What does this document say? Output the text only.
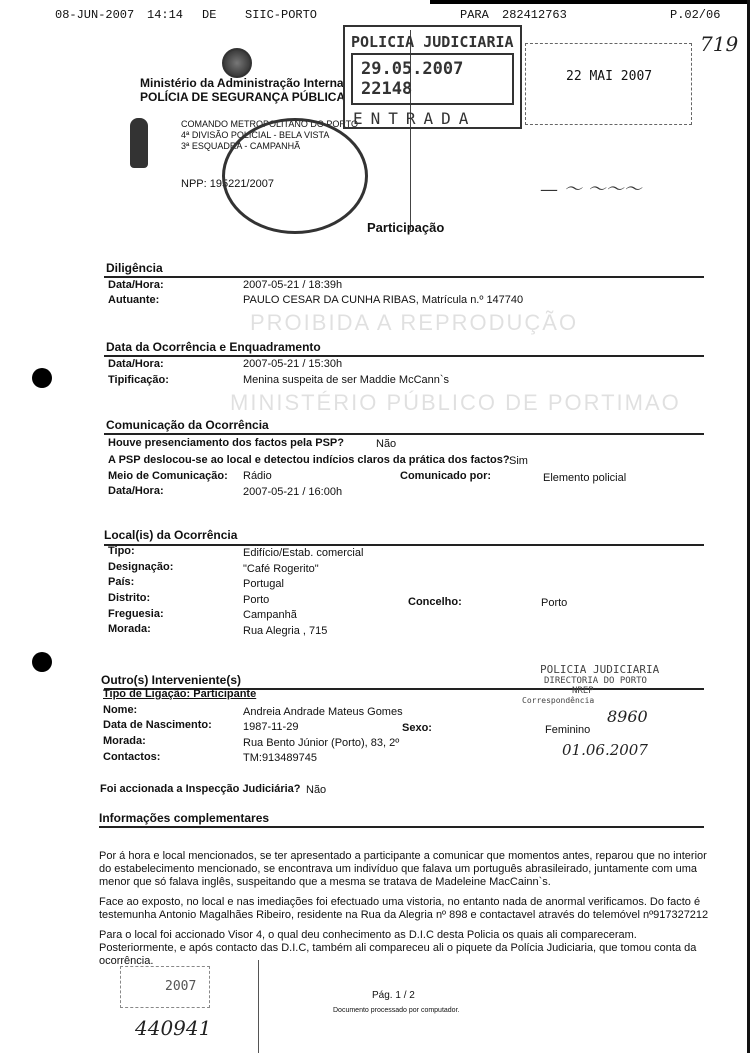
08-JUN-2007 14:14 DE SIIC-PORTO	PARA 282412763	P.02/06
Ministério da Administração Interna
POLÍCIA DE SEGURANÇA PÚBLICA
COMANDO METROPOLITANO DO PORTO
4ª DIVISÃO POLICIAL - BELA VISTA
3ª ESQUADRA - CAMPANHÃ
NPP: 195221/2007
Participação
POLICIA JUDICIARIA
29.05.2007 22148
ENTRADA
22 MAI 2007
719
— ～ ～～～
PROIBIDA A REPRODUÇÃO
MINISTÉRIO PÚBLICO DE PORTIMAO
Diligência
Data/Hora:	2007-05-21 / 18:39h
Autuante:	PAULO CESAR DA CUNHA RIBAS, Matrícula n.º 147740
Data da Ocorrência e Enquadramento
Data/Hora:	2007-05-21 / 15:30h
Tipificação:	Menina suspeita de ser Maddie McCann`s
Comunicação da Ocorrência
Houve presenciamento dos factos pela PSP?	Não
A PSP deslocou-se ao local e detectou indícios claros da prática dos factos? Sim
Meio de Comunicação: Rádio	Comunicado por:	Elemento policial
Data/Hora:	2007-05-21 / 16:00h
Local(is) da Ocorrência
Tipo:	Edifício/Estab. comercial
Designação:	"Café Rogerito"
País:	Portugal
Distrito:	Porto	Concelho:	Porto
Freguesia:	Campanhã
Morada:	Rua Alegria , 715
Outro(s) Interveniente(s)
Tipo de Ligação: Participante
Nome:	Andreia Andrade Mateus Gomes
Data de Nascimento:	1987-11-29	Sexo:	Feminino
Morada:	Rua Bento Júnior (Porto), 83, 2º
Contactos:	TM:913489745
Foi accionada a Inspecção Judiciária? Não
POLICIA JUDICIARIA
DIRECTORIA DO PORTO
NREP
Correspondência
8960
01.06.2007
Informações complementares
Por á hora e local mencionados, se ter apresentado a participante a comunicar que momentos antes, reparou que no interior do estabelecimento mencionado, se encontrava um indivíduo que falava um português abrasileirado, juntamente com uma menor que só falava inglês, suspeitando que a mesma se tratava de Madeleine MacCainn`s.
Face ao exposto, no local e nas imediações foi efectuado uma vistoria, no entanto nada de anormal verificamos. Do facto é testemunha Antonio Magalhães Ribeiro, residente na Rua da Alegria nº 898 e contactavel através do telemóvel nº917327212
Para o local foi accionado Visor 4, o qual deu conhecimento as D.I.C desta Policia os quais ali compareceram. Posteriormente, e após contacto das D.I.C, também ali compareceu ali o piquete da Polícia Judiciaria, que tomou conta da ocorrência.
2007
Pág. 1 / 2
Documento processado por computador.
440941
